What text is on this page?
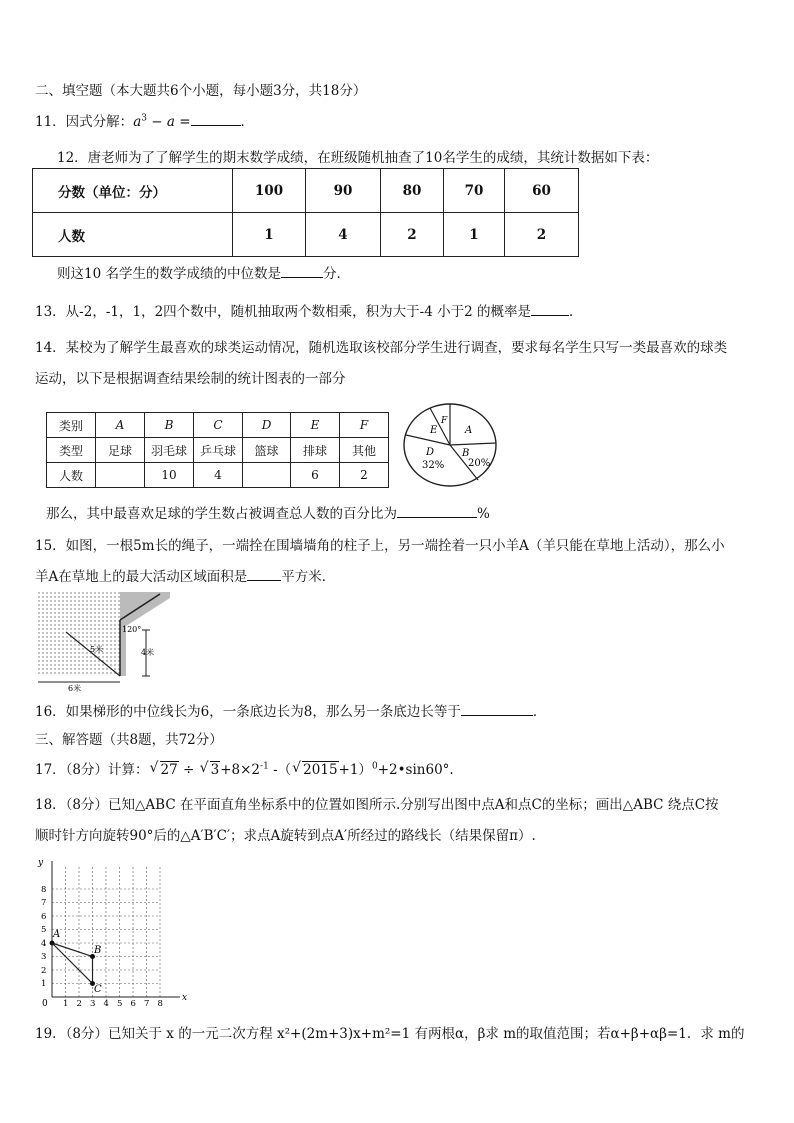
二、填空题（本大题共6个小题，每小题3分，共18分）
11．因式分解：$a^3 - a$ =	．
12．唐老师为了了解学生的期末数学成绩，在班级随机抽查了10名学生的成绩，其统计数据如下表：
分数（单位：分）	100	90	80	70	60
人数	1	4	2	1	2
则这10 名学生的数学成绩的中位数是	分．
13．从-2，-1，1，2四个数中，随机抽取两个数相乘，积为大于-4 小于2 的概率是	．
14．某校为了解学生最喜欢的球类运动情况，随机选取该校部分学生进行调查，要求每名学生只写一类最喜欢的球类
运动，以下是根据调查结果绘制的统计图表的一部分
类别	A	B	C	D	E	F
类型	足球	羽毛球	乒乓球	篮球	排球	其他
人数		10	4		6	2
A
B
20%
D
32%
E
F
那么，其中最喜欢足球的学生数占被调查总人数的百分比为	%
15．如图，一根5m长的绳子，一端拴在围墙墙角的柱子上，另一端拴着一只小羊A（羊只能在草地上活动），那么小
羊A在草地上的最大活动区域面积是	平方米．
5米
6米
4米
120°
16．如果梯形的中位线长为6，一条底边长为8，那么另一条底边长等于	．
三、解答题（共8题，共72分）
17．（8分）计算： √ 27 ÷ √ $3+8\times 2^{-1}$ -（ √ 2015+1）$^0$+2•sin60°.
18．（8分）已知△ABC 在平面直角坐标系中的位置如图所示.分别写出图中点A和点C的坐标；画出△ABC 绕点C按
顺时针方向旋转90°后的△A′B′C′；求点A旋转到点A′所经过的路线长（结果保留π）.
x
y
0 1 2 3 4 5 6 7 8
1
2
3
4
5
6
7
8
A
B
C
19．（8分）已知关于 x 的一元二次方程 x²+(2m+3)x+m²=1 有两根α，β求 m的取值范围；若α+β+αβ=1．求 m的
